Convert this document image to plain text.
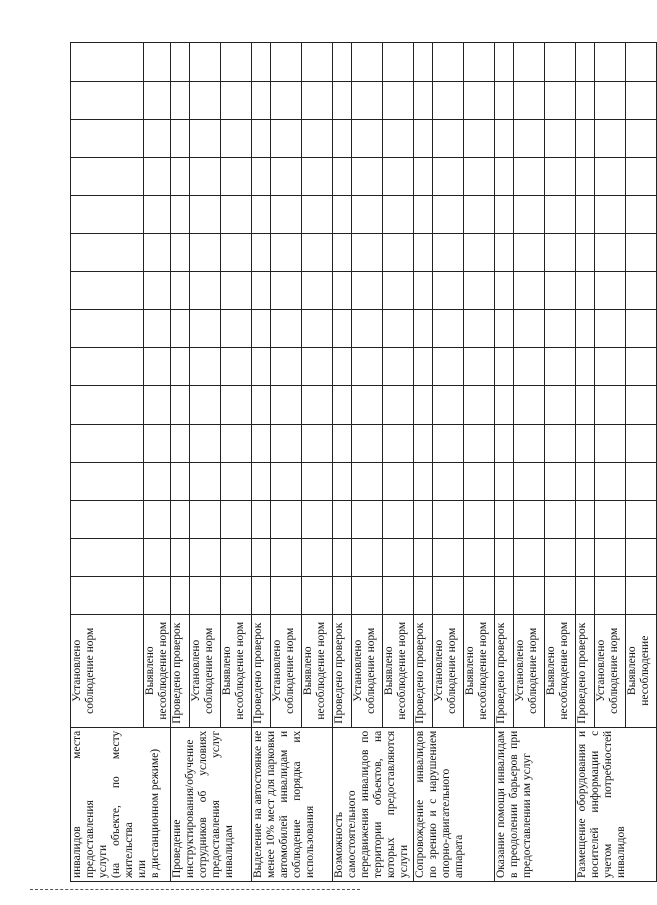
инвалидов места предоставления услуги (на объекте, по месту жительства или в дистанционном режиме)	Установлено соблюдение норм															
	Выявлено несоблюдение норм															
Проведение инструктирования/обучение сотрудников об условиях предоставления услуг инвалидам	Проведено проверок															
	Установлено соблюдение норм															
	Выявлено несоблюдение норм															
Выделение на автостоянке не менее 10% мест для парковки автомобилей инвалидам и соблюдение порядка их использования	Проведено проверок															
	Установлено соблюдение норм															
	Выявлено несоблюдение норм															
Возможность самостоятельного передвижения инвалидов по территории объектов, на которых предоставляются услуги	Проведено проверок															
	Установлено соблюдение норм															
	Выявлено несоблюдение норм															
Сопровождение инвалидов по зрению и с нарушением опорно-двигательного аппарата	Проведено проверок															
	Установлено соблюдение норм															
	Выявлено несоблюдение норм															
Оказание помощи инвалидам в преодолении барьеров при предоставлении им услуг	Проведено проверок															
	Установлено соблюдение норм															
	Выявлено несоблюдение норм															
Размещение оборудования и носителей информации с учетом потребностей инвалидов	Проведено проверок															
	Установлено соблюдение норм															
	Выявлено несоблюдение															
